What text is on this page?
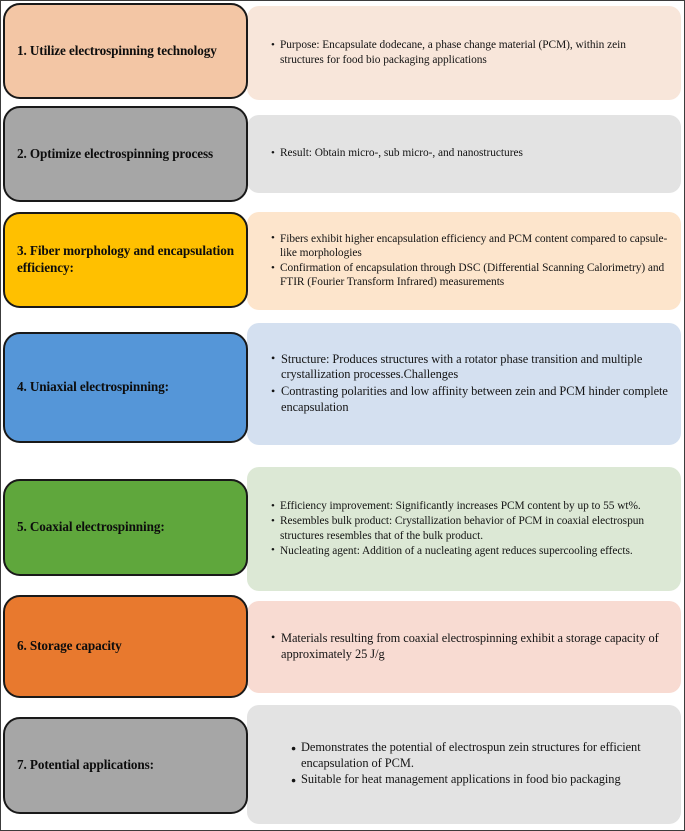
• Purpose: Encapsulate dodecane, a phase change material (PCM), within zein structures for food bio packaging applications
1. Utilize electrospinning technology
• Result: Obtain micro-, sub micro-, and nanostructures
2. Optimize electrospinning process
• Fibers exhibit higher encapsulation efficiency and PCM content compared to capsule-like morphologies
• Confirmation of encapsulation through DSC (Differential Scanning Calorimetry) and FTIR (Fourier Transform Infrared) measurements
3. Fiber morphology and encapsulation efficiency:
• Structure: Produces structures with a rotator phase transition and multiple crystallization processes.Challenges
• Contrasting polarities and low affinity between zein and PCM hinder complete encapsulation
4. Uniaxial electrospinning:
• Efficiency improvement: Significantly increases PCM content by up to 55 wt%.
• Resembles bulk product: Crystallization behavior of PCM in coaxial electrospun structures resembles that of the bulk product.
• Nucleating agent: Addition of a nucleating agent reduces supercooling effects.
5. Coaxial electrospinning:
• Materials resulting from coaxial electrospinning exhibit a storage capacity of approximately 25 J/g
6. Storage capacity
● Demonstrates the potential of electrospun zein structures for efficient encapsulation of PCM.
● Suitable for heat management applications in food bio packaging
7. Potential applications:
